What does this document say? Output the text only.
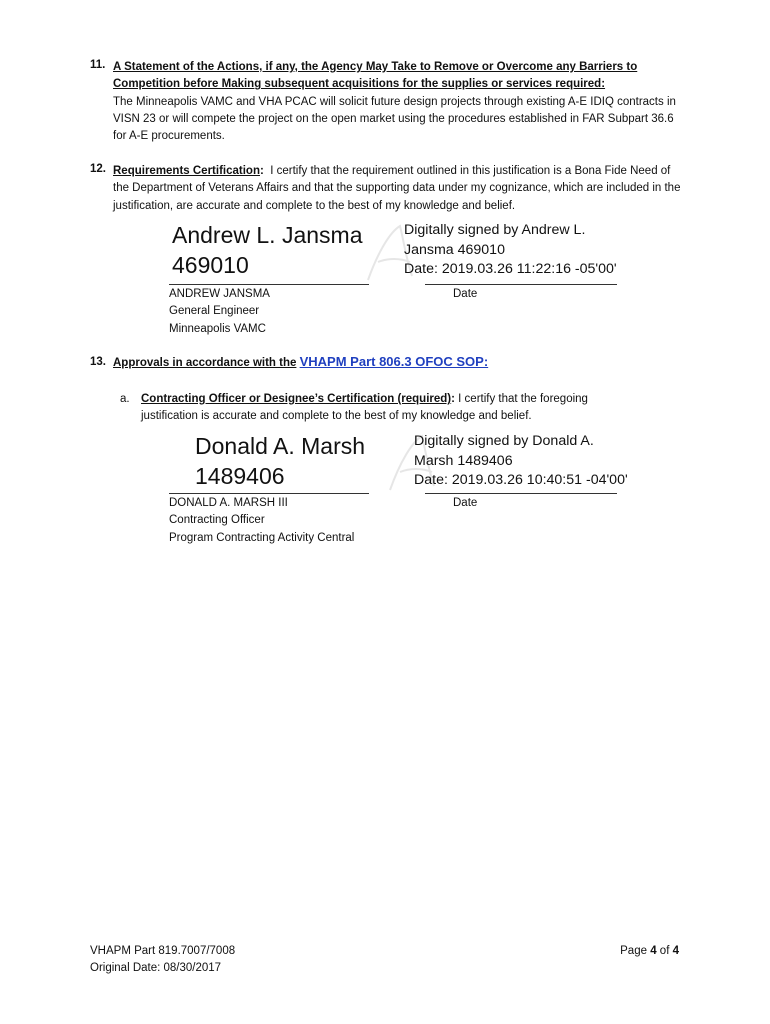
11. A Statement of the Actions, if any, the Agency May Take to Remove or Overcome any Barriers to Competition before Making subsequent acquisitions for the supplies or services required:
The Minneapolis VAMC and VHA PCAC will solicit future design projects through existing A-E IDIQ contracts in VISN 23 or will compete the project on the open market using the procedures established in FAR Subpart 36.6 for A-E procurements.
12. Requirements Certification: I certify that the requirement outlined in this justification is a Bona Fide Need of the Department of Veterans Affairs and that the supporting data under my cognizance, which are included in the justification, are accurate and complete to the best of my knowledge and belief.
Andrew L. Jansma
469010
Digitally signed by Andrew L.
Jansma 469010
Date: 2019.03.26 11:22:16 -05'00'
ANDREW JANSMA
General Engineer
Minneapolis VAMC
Date
13. Approvals in accordance with the VHAPM Part 806.3 OFOC SOP:
a. Contracting Officer or Designee’s Certification (required): I certify that the foregoing justification is accurate and complete to the best of my knowledge and belief.
Donald A. Marsh
1489406
Digitally signed by Donald A.
Marsh 1489406
Date: 2019.03.26 10:40:51 -04'00'
DONALD A. MARSH III
Contracting Officer
Program Contracting Activity Central
Date
VHAPM Part 819.7007/7008
Original Date: 08/30/2017
Page 4 of 4
